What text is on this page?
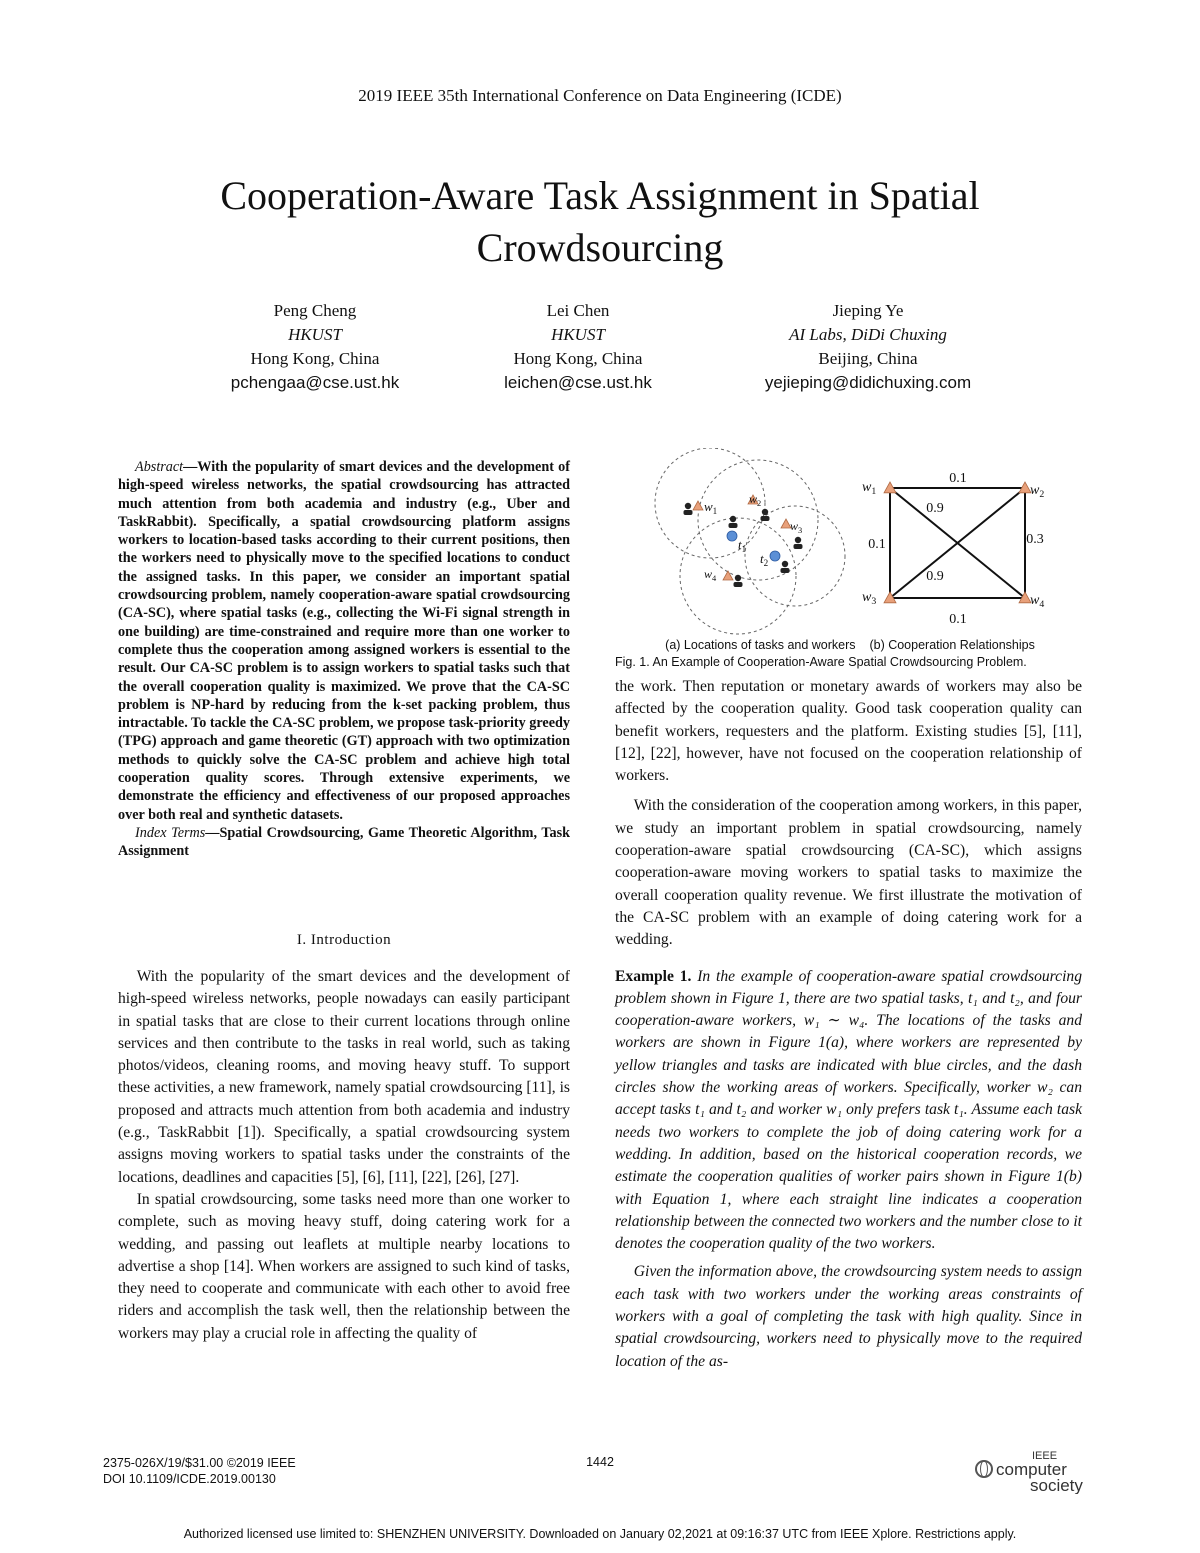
2019 IEEE 35th International Conference on Data Engineering (ICDE)
Cooperation-Aware Task Assignment in Spatial Crowdsourcing
Peng Cheng
HKUST
Hong Kong, China
pchengaa@cse.ust.hk
Lei Chen
HKUST
Hong Kong, China
leichen@cse.ust.hk
Jieping Ye
AI Labs, DiDi Chuxing
Beijing, China
yejieping@didichuxing.com
Abstract—With the popularity of smart devices and the development of high-speed wireless networks, the spatial crowdsourcing has attracted much attention from both academia and industry (e.g., Uber and TaskRabbit). Specifically, a spatial crowdsourcing platform assigns workers to location-based tasks according to their current positions, then the workers need to physically move to the specified locations to conduct the assigned tasks. In this paper, we consider an important spatial crowdsourcing problem, namely cooperation-aware spatial crowdsourcing (CA-SC), where spatial tasks (e.g., collecting the Wi-Fi signal strength in one building) are time-constrained and require more than one worker to complete thus the cooperation among assigned workers is essential to the result. Our CA-SC problem is to assign workers to spatial tasks such that the overall cooperation quality is maximized. We prove that the CA-SC problem is NP-hard by reducing from the k-set packing problem, thus intractable. To tackle the CA-SC problem, we propose task-priority greedy (TPG) approach and game theoretic (GT) approach with two optimization methods to quickly solve the CA-SC problem and achieve high total cooperation quality scores. Through extensive experiments, we demonstrate the efficiency and effectiveness of our proposed approaches over both real and synthetic datasets.
Index Terms—Spatial Crowdsourcing, Game Theoretic Algorithm, Task Assignment
I. Introduction

With the popularity of the smart devices and the development of high-speed wireless networks, people nowadays can easily participant in spatial tasks that are close to their current locations through online services and then contribute to the tasks in real world, such as taking photos/videos, cleaning rooms, and moving heavy stuff. To support these activities, a new framework, namely spatial crowdsourcing [11], is proposed and attracts much attention from both academia and industry (e.g., TaskRabbit [1]). Specifically, a spatial crowdsourcing system assigns moving workers to spatial tasks under the constraints of the locations, deadlines and capacities [5], [6], [11], [22], [26], [27].

In spatial crowdsourcing, some tasks need more than one worker to complete, such as moving heavy stuff, doing catering work for a wedding, and passing out leaflets at multiple nearby locations to advertise a shop [14]. When workers are assigned to such kind of tasks, they need to cooperate and communicate with each other to avoid free riders and accomplish the task well, then the relationship between the workers may play a crucial role in affecting the quality of

$w_1$
$w_2$
$w_3$
$w_4$
$t_1$
$t_2$
0.1
0.9
0.1	0.3
0.9
0.1
$w_1$	$w_2$
$w_3$	$w_4$
(a) Locations of tasks and workers (b) Cooperation Relationships
Fig. 1. An Example of Cooperation-Aware Spatial Crowdsourcing Problem.

the work. Then reputation or monetary awards of workers may also be affected by the cooperation quality. Good task cooperation quality can benefit workers, requesters and the platform. Existing studies [5], [11], [12], [22], however, have not focused on the cooperation relationship of workers.

With the consideration of the cooperation among workers, in this paper, we study an important problem in spatial crowdsourcing, namely cooperation-aware spatial crowdsourcing (CA-SC), which assigns cooperation-aware moving workers to spatial tasks to maximize the overall cooperation quality revenue. We first illustrate the motivation of the CA-SC problem with an example of doing catering work for a wedding.

Example 1. In the example of cooperation-aware spatial crowdsourcing problem shown in Figure 1, there are two spatial tasks, t₁ and t₂, and four cooperation-aware workers, w₁ ∼ w₄. The locations of the tasks and workers are shown in Figure 1(a), where workers are represented by yellow triangles and tasks are indicated with blue circles, and the dash circles show the working areas of workers. Specifically, worker w₂ can accept tasks t₁ and t₂ and worker w₁ only prefers task t₁. Assume each task needs two workers to complete the job of doing catering work for a wedding. In addition, based on the historical cooperation records, we estimate the cooperation qualities of worker pairs shown in Figure 1(b) with Equation 1, where each straight line indicates a cooperation relationship between the connected two workers and the number close to it denotes the cooperation quality of the two workers.

Given the information above, the crowdsourcing system needs to assign each task with two workers under the working areas constraints of workers with a goal of completing the task with high quality. Since in spatial crowdsourcing, workers need to physically move to the required location of the as-

2375-026X/19/$31.00 ©2019 IEEE
DOI 10.1109/ICDE.2019.00130
1442	IEEE
computer
society
Authorized licensed use limited to: SHENZHEN UNIVERSITY. Downloaded on January 02,2021 at 09:16:37 UTC from IEEE Xplore. Restrictions apply.
